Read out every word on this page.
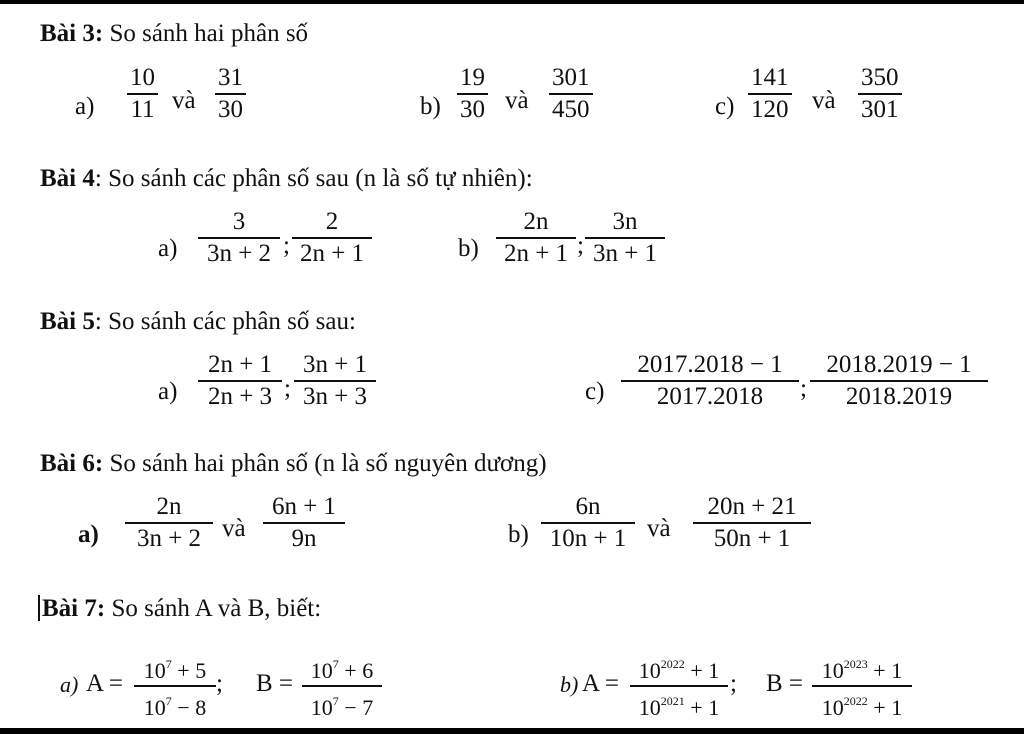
Bài 3: So sánh hai phân số
a)
10
11 và
31
30	b)
19
30 và
301
450	c)
141
120 và
350
301
Bài 4: So sánh các phân số sau (n là số tự nhiên):
a)
3
3n + 2 ;
2
2n + 1	b)
2n
2n + 1 ;
3n
3n + 1
Bài 5: So sánh các phân số sau:
a)
2n + 1
2n + 3 ;
3n + 1
3n + 3	c)
2017.2018 − 1
2017.2018 ;
2018.2019 − 1
2018.2019
Bài 6: So sánh hai phân số (n là số nguyên dương)
a)
2n
3n + 2 và
6n + 1
9n	b)
6n
10n + 1 và
20n + 21
50n + 1
Bài 7: So sánh A và B, biết:
a) $A = 10^7 + 5$
$10^7 - 8$
; $B = 10^7 + 6$
$10^7 - 7$
b) $A = 10^{2022} + 1$
$10^{2021} + 1$
; $B = 10^{2023} + 1$
$10^{2022} + 1$
